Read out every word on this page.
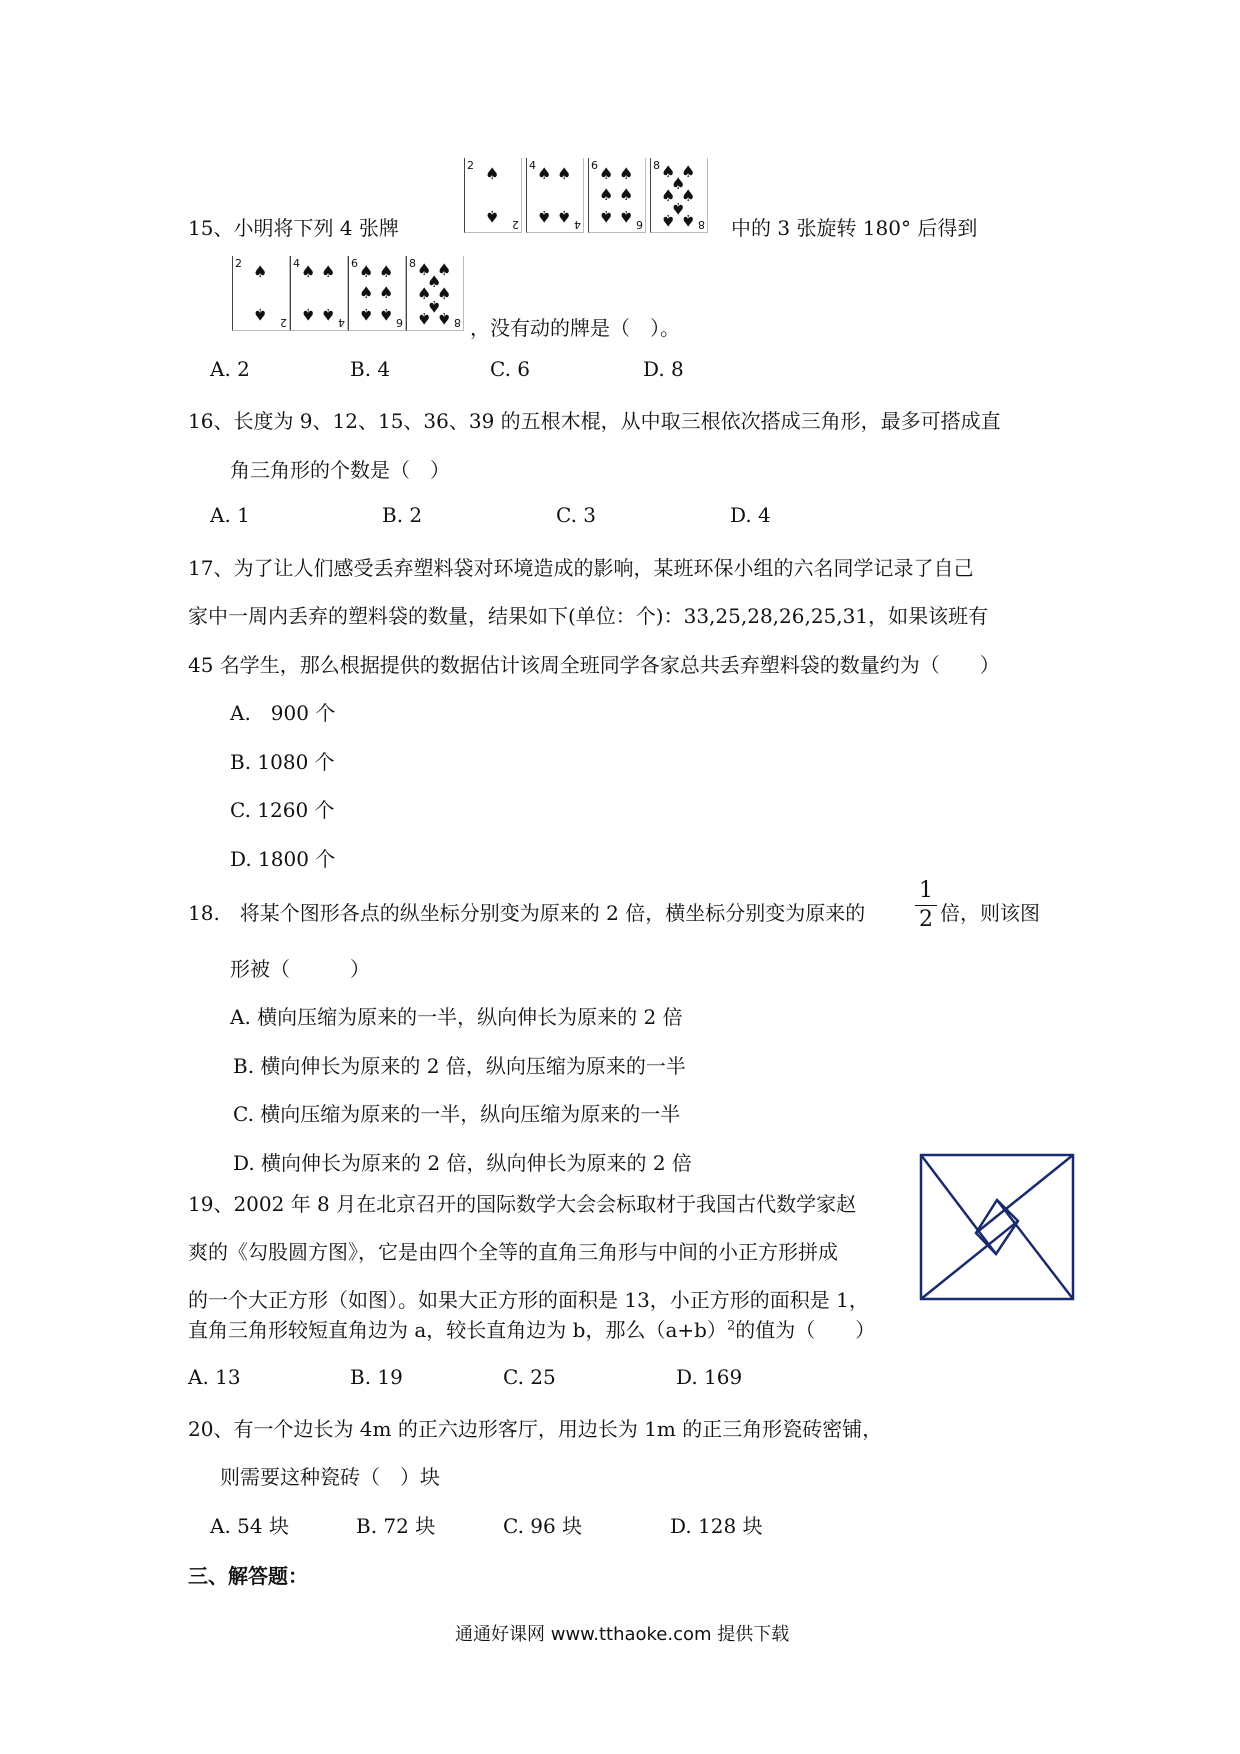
15、小明将下列 4 张牌
2
2
♠
♠
4
4
♠ ♠
♠ ♠
6
6
♠ ♠
♠ ♠
♠ ♠
8
8
♠ ♠
♠
♠ ♠
♠
♠ ♠ 中的 3 张旋转 180° 后得到
2
2
♠
♠
4
4
♠ ♠
♠ ♠
6
6
♠ ♠
♠ ♠
♠ ♠
8
8
♠ ♠
♠
♠ ♠
♠
♠ ♠ ，没有动的牌是（　）。
A. 2	B. 4	C. 6	D. 8
16、长度为 9、12、15、36、39 的五根木棍，从中取三根依次搭成三角形，最多可搭成直
角三角形的个数是（　）
A. 1	B. 2	C. 3	D. 4
17、为了让人们感受丢弃塑料袋对环境造成的影响，某班环保小组的六名同学记录了自己
家中一周内丢弃的塑料袋的数量，结果如下(单位：个)：33,25,28,26,25,31，如果该班有
45 名学生，那么根据提供的数据估计该周全班同学各家总共丢弃塑料袋的数量约为（　　）
A.　900 个
B. 1080 个
C. 1260 个
D. 1800 个
18.　将某个图形各点的纵坐标分别变为原来的 2 倍，横坐标分别变为原来的
1
2 倍，则该图
形被（　　　）
A. 横向压缩为原来的一半，纵向伸长为原来的 2 倍
B. 横向伸长为原来的 2 倍，纵向压缩为原来的一半
C. 横向压缩为原来的一半，纵向压缩为原来的一半
D. 横向伸长为原来的 2 倍，纵向伸长为原来的 2 倍
19、2002 年 8 月在北京召开的国际数学大会会标取材于我国古代数学家赵
爽的《勾股圆方图》，它是由四个全等的直角三角形与中间的小正方形拼成
的一个大正方形（如图）。如果大正方形的面积是 13，小正方形的面积是 1，
直角三角形较短直角边为 a，较长直角边为 b，那么$(a+b)^2$的值为（　　）
A. 13	B. 19	C. 25	D. 169
20、有一个边长为 4m 的正六边形客厅，用边长为 1m 的正三角形瓷砖密铺，
则需要这种瓷砖（　）块
A. 54 块	B. 72 块	C. 96 块	D. 128 块
三、解答题：
通通好课网 www.tthaoke.com 提供下载
